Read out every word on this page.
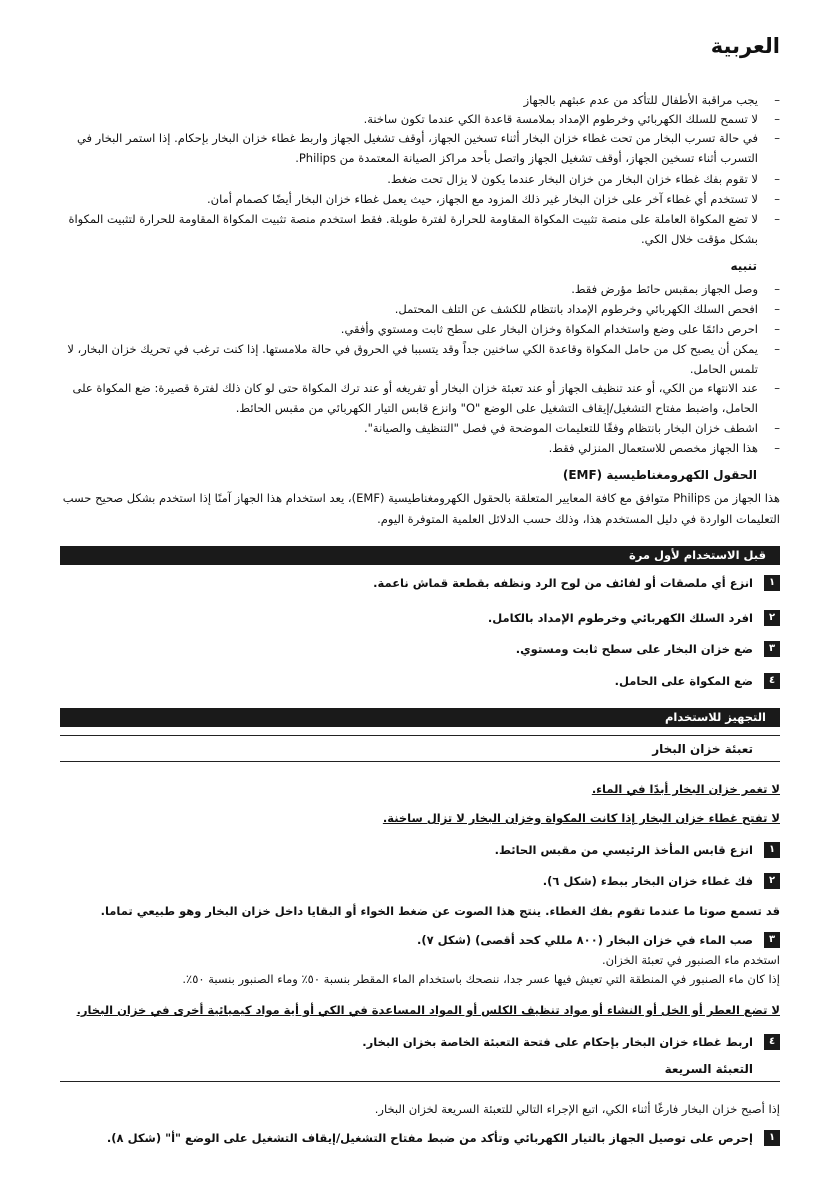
العربية
–
يجب مراقبة الأطفال للتأكد من عدم عبثهم بالجهاز
–
لا تسمح للسلك الكهربائي وخرطوم الإمداد بملامسة قاعدة الكي عندما تكون ساخنة.
–
في حالة تسرب البخار من تحت غطاء خزان البخار أثناء تسخين الجهاز، أوقف تشغيل الجهاز واربط غطاء خزان البخار بإحكام. إذا استمر البخار في التسرب أثناء تسخين الجهاز، أوقف تشغيل الجهاز واتصل بأحد مراكز الصيانة المعتمدة من Philips.
–
لا تقوم بفك غطاء خزان البخار من خزان البخار عندما يكون لا يزال تحت ضغط.
–
لا تستخدم أي غطاء آخر على خزان البخار غير ذلك المزود مع الجهاز، حيث يعمل غطاء خزان البخار أيضًا كصمام أمان.
–
لا تضع المكواة العاملة على منصة تثبيت المكواة المقاومة للحرارة لفترة طويلة. فقط استخدم منصة تثبيت المكواة المقاومة للحرارة لتثبيت المكواة بشكل مؤقت خلال الكي.
تنبيه
–
وصل الجهاز بمقبس حائط مؤرض فقط.
–
افحص السلك الكهربائي وخرطوم الإمداد بانتظام للكشف عن التلف المحتمل.
–
احرص دائمًا على وضع واستخدام المكواة وخزان البخار على سطح ثابت ومستوي وأفقي.
–
يمكن أن يصبح كل من حامل المكواة وقاعدة الكي ساخنين جداً وقد يتسببا في الحروق في حالة ملامستها. إذا كنت ترغب في تحريك خزان البخار، لا تلمس الحامل.
–
عند الانتهاء من الكي، أو عند تنظيف الجهاز أو عند تعبئة خزان البخار أو تفريغه أو عند ترك المكواة حتى لو كان ذلك لفترة قصيرة: ضع المكواة على الحامل، واضبط مفتاح التشغيل/إيقاف التشغيل على الوضع "O" وانزع قابس التيار الكهربائي من مقبس الحائط.
–
اشطف خزان البخار بانتظام وفقًا للتعليمات الموضحة في فصل "التنظيف والصيانة".
–
هذا الجهاز مخصص للاستعمال المنزلي فقط.
الحقول الكهرومغناطيسية (EMF)
هذا الجهاز من Philips متوافق مع كافة المعايير المتعلقة بالحقول الكهرومغناطيسية (EMF)، يعد استخدام هذا الجهاز آمنًا إذا استخدم بشكل صحيح حسب التعليمات الواردة في دليل المستخدم هذا، وذلك حسب الدلائل العلمية المتوفرة اليوم.
قبل الاستخدام لأول مرة
١
انزع أي ملصقات أو لفائف من لوح الرد ونظفه بقطعة قماش ناعمة.
٢
افرد السلك الكهربائي وخرطوم الإمداد بالكامل.
٣
ضع خزان البخار على سطح ثابت ومستوي.
٤
ضع المكواة على الحامل.
التجهيز للاستخدام
تعبئة خزان البخار
لا تغمر خزان البخار أبدًا في الماء.
لا تفتح غطاء خزان البخار إذا كانت المكواة وخزان البخار لا تزال ساخنة.
١
انزع قابس المأخذ الرئيسي من مقبس الحائط.
٢
فك غطاء خزان البخار ببطء (شكل ٦).
قد تسمع صوتا ما عندما تقوم بفك الغطاء. ينتج هذا الصوت عن ضغط الخواء أو البقايا داخل خزان البخار وهو طبيعي تماما.
٣
صب الماء في خزان البخار (٨٠٠ مللي كحد أقصى) (شكل ٧).
استخدم ماء الصنبور في تعبئة الخزان.
إذا كان ماء الصنبور في المنطقة التي تعيش فيها عسر جدا، ننصحك باستخدام الماء المقطر بنسبة ٥٠٪ وماء الصنبور بنسبة ٥٠٪.
لا تضع العطر أو الخل أو النشاء أو مواد تنظيف الكلس أو المواد المساعدة في الكي أو أية مواد كيميائية أخرى في خزان البخار.
٤
اربط غطاء خزان البخار بإحكام على فتحة التعبئة الخاصة بخزان البخار.
التعبئة السريعة
إذا أصبح خزان البخار فارغًا أثناء الكي، اتبع الإجراء التالي للتعبئة السريعة لخزان البخار.
١
إحرص على توصيل الجهاز بالتيار الكهربائي وتأكد من ضبط مفتاح التشغيل/إيقاف التشغيل على الوضع "أ" (شكل ٨).
